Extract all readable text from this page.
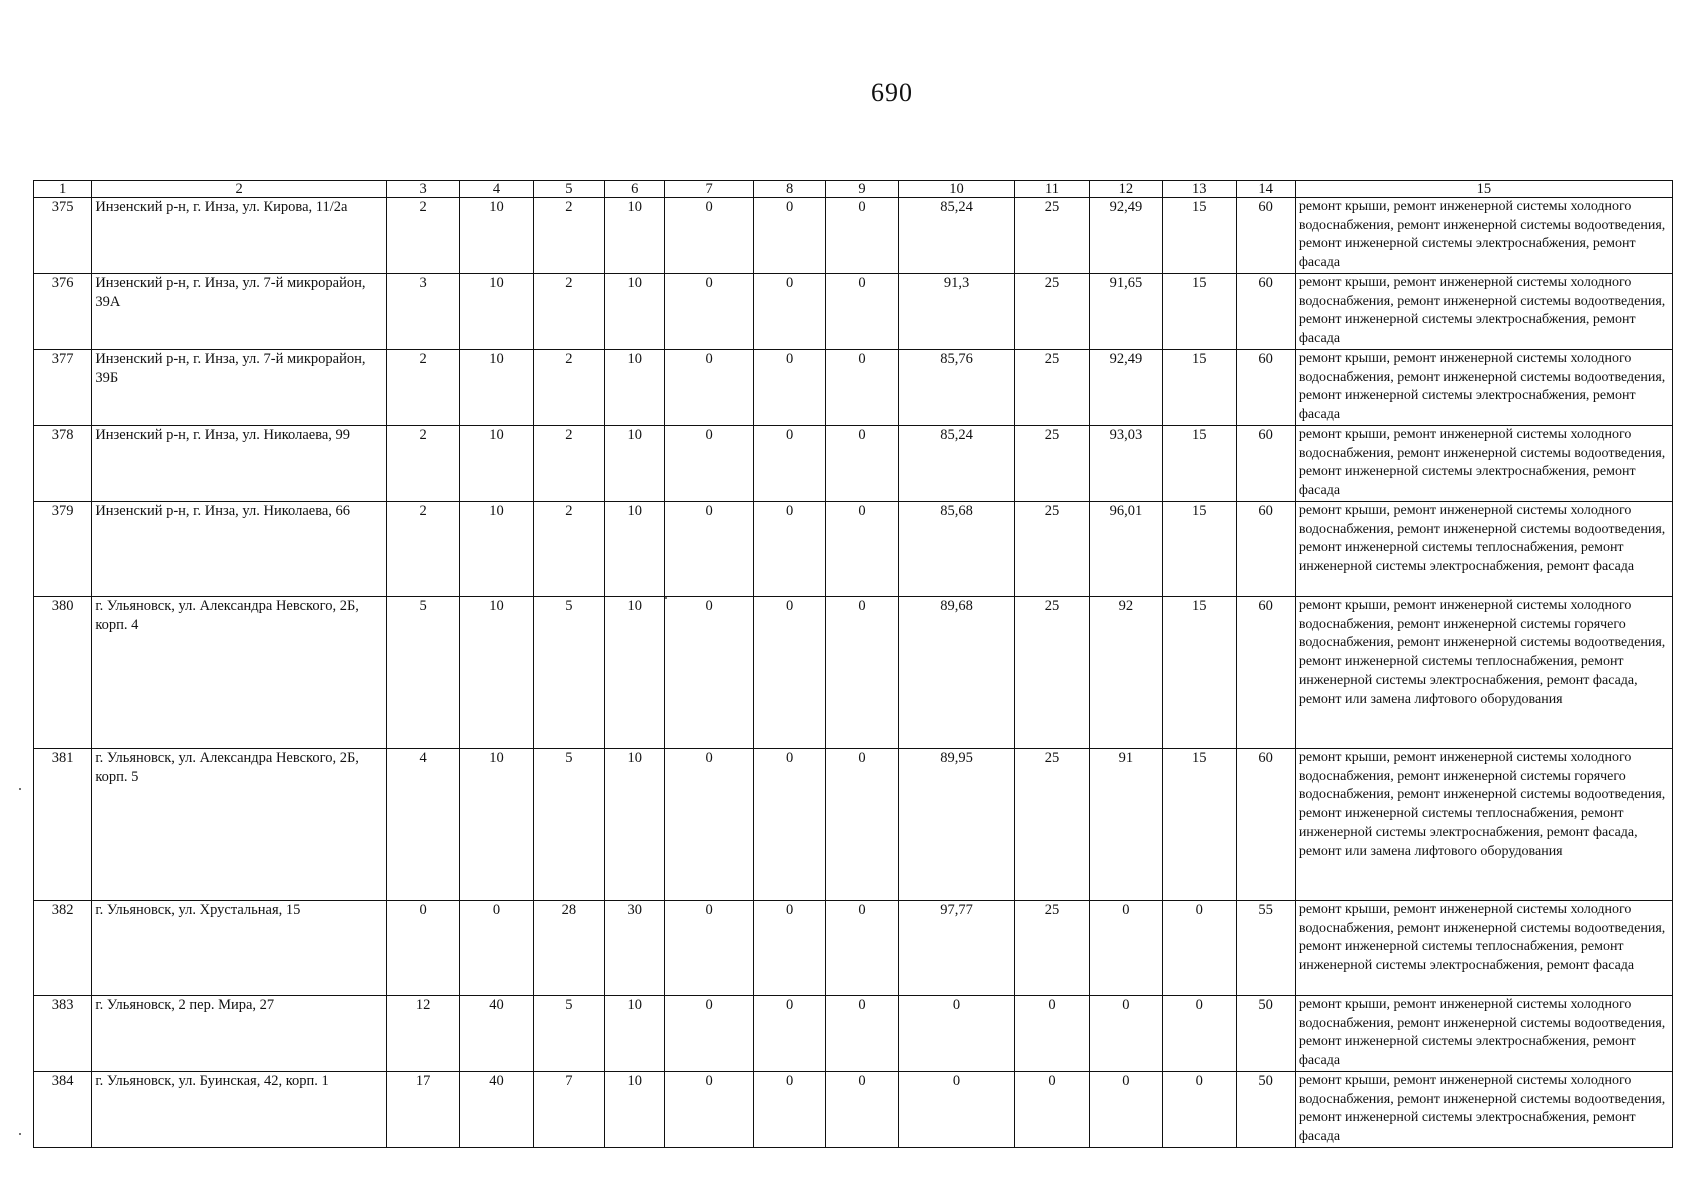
690
1	2	3	4	5	6	7	8	9	10	11	12	13	14	15
375	Инзенский р-н, г. Инза, ул. Кирова, 11/2а	2	10	2	10	0	0	0	85,24	25	92,49	15	60	ремонт крыши, ремонт инженерной системы холодного водоснабжения, ремонт инженерной системы водоотведения, ремонт инженерной системы электроснабжения, ремонт фасада
376	Инзенский р-н, г. Инза, ул. 7-й микрорайон, 39А	3	10	2	10	0	0	0	91,3	25	91,65	15	60	ремонт крыши, ремонт инженерной системы холодного водоснабжения, ремонт инженерной системы водоотведения, ремонт инженерной системы электроснабжения, ремонт фасада
377	Инзенский р-н, г. Инза, ул. 7-й микрорайон, 39Б	2	10	2	10	0	0	0	85,76	25	92,49	15	60	ремонт крыши, ремонт инженерной системы холодного водоснабжения, ремонт инженерной системы водоотведения, ремонт инженерной системы электроснабжения, ремонт фасада
378	Инзенский р-н, г. Инза, ул. Николаева, 99	2	10	2	10	0	0	0	85,24	25	93,03	15	60	ремонт крыши, ремонт инженерной системы холодного водоснабжения, ремонт инженерной системы водоотведения, ремонт инженерной системы электроснабжения, ремонт фасада
379	Инзенский р-н, г. Инза, ул. Николаева, 66	2	10	2	10	0	0	0	85,68	25	96,01	15	60	ремонт крыши, ремонт инженерной системы холодного водоснабжения, ремонт инженерной системы водоотведения, ремонт инженерной системы теплоснабжения, ремонт инженерной системы электроснабжения, ремонт фасада
380	г. Ульяновск, ул. Александра Невского, 2Б, корп. 4	5	10	5	10	0	0	0	89,68	25	92	15	60	ремонт крыши, ремонт инженерной системы холодного водоснабжения, ремонт инженерной системы горячего водоснабжения, ремонт инженерной системы водоотведения, ремонт инженерной системы теплоснабжения, ремонт инженерной системы электроснабжения, ремонт фасада, ремонт или замена лифтового оборудования
381	г. Ульяновск, ул. Александра Невского, 2Б, корп. 5	4	10	5	10	0	0	0	89,95	25	91	15	60	ремонт крыши, ремонт инженерной системы холодного водоснабжения, ремонт инженерной системы горячего водоснабжения, ремонт инженерной системы водоотведения, ремонт инженерной системы теплоснабжения, ремонт инженерной системы электроснабжения, ремонт фасада, ремонт или замена лифтового оборудования
382	г. Ульяновск, ул. Хрустальная, 15	0	0	28	30	0	0	0	97,77	25	0	0	55	ремонт крыши, ремонт инженерной системы холодного водоснабжения, ремонт инженерной системы водоотведения, ремонт инженерной системы теплоснабжения, ремонт инженерной системы электроснабжения, ремонт фасада
383	г. Ульяновск, 2 пер. Мира, 27	12	40	5	10	0	0	0	0	0	0	0	50	ремонт крыши, ремонт инженерной системы холодного водоснабжения, ремонт инженерной системы водоотведения, ремонт инженерной системы электроснабжения, ремонт фасада
384	г. Ульяновск, ул. Буинская, 42, корп. 1	17	40	7	10	0	0	0	0	0	0	0	50	ремонт крыши, ремонт инженерной системы холодного водоснабжения, ремонт инженерной системы водоотведения, ремонт инженерной системы электроснабжения, ремонт фасада
